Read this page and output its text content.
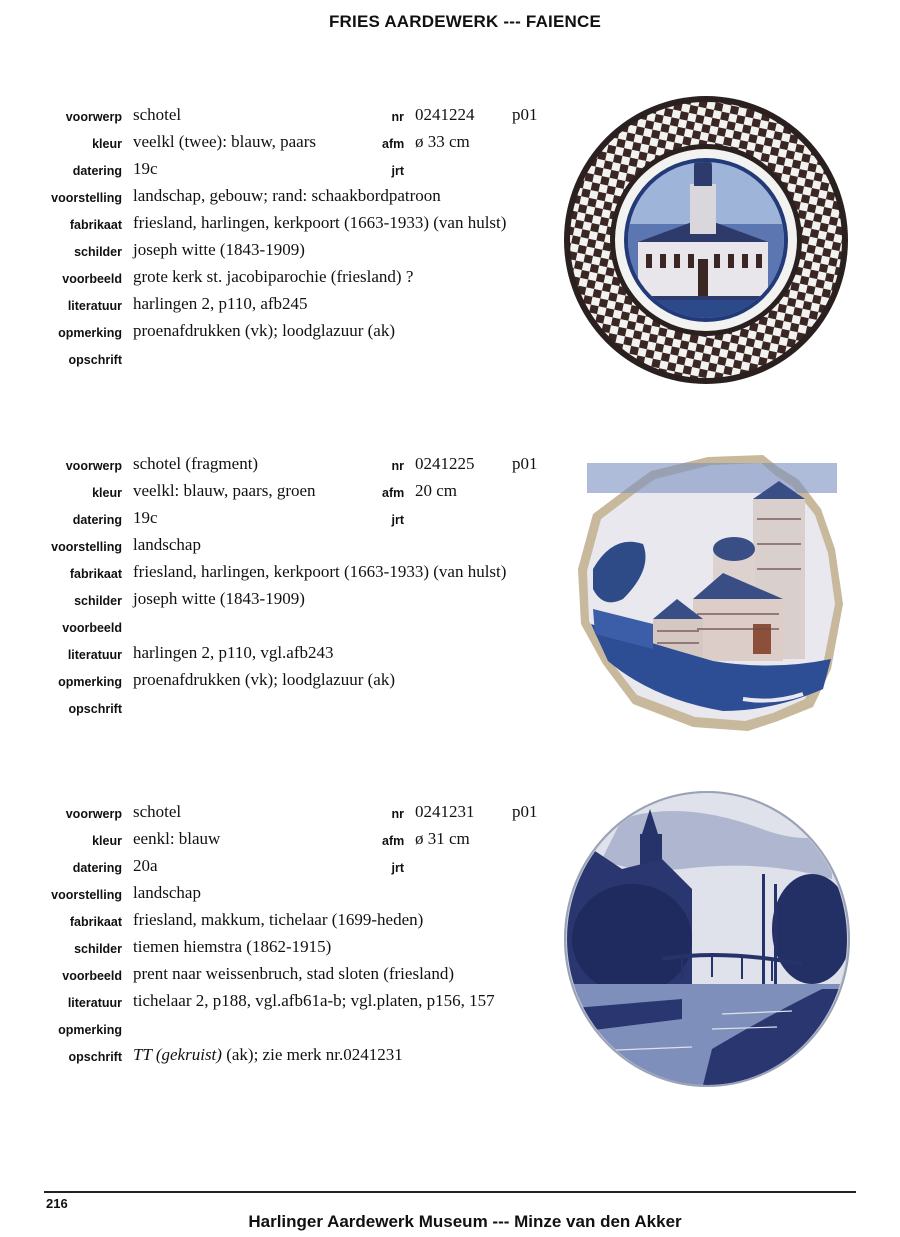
FRIES AARDEWERK --- FAIENCE
voorwerp schotel	nr 0241224 p01
kleur veelkl (twee): blauw, paars	afm ø 33 cm
datering 19c	jrt
voorstelling landschap, gebouw; rand: schaakbordpatroon
fabrikaat friesland, harlingen, kerkpoort (1663-1933) (van hulst)
schilder joseph witte (1843-1909)
voorbeeld grote kerk st. jacobiparochie (friesland) ?
literatuur harlingen 2, p110, afb245
opmerking proenafdrukken (vk); loodglazuur (ak)
opschrift
voorwerp schotel (fragment)	nr 0241225 p01
kleur veelkl: blauw, paars, groen	afm 20 cm
datering 19c	jrt
voorstelling landschap
fabrikaat friesland, harlingen, kerkpoort (1663-1933) (van hulst)
schilder joseph witte (1843-1909)
voorbeeld
literatuur harlingen 2, p110, vgl.afb243
opmerking proenafdrukken (vk); loodglazuur (ak)
opschrift
voorwerp schotel	nr 0241231 p01
kleur eenkl: blauw	afm ø 31 cm
datering 20a	jrt
voorstelling landschap
fabrikaat friesland, makkum, tichelaar (1699-heden)
schilder tiemen hiemstra (1862-1915)
voorbeeld prent naar weissenbruch, stad sloten (friesland)
literatuur tichelaar 2, p188, vgl.afb61a-b; vgl.platen, p156, 157
opmerking
opschrift TT (gekruist) (ak); zie merk nr.0241231
216
Harlinger Aardewerk Museum --- Minze van den Akker
